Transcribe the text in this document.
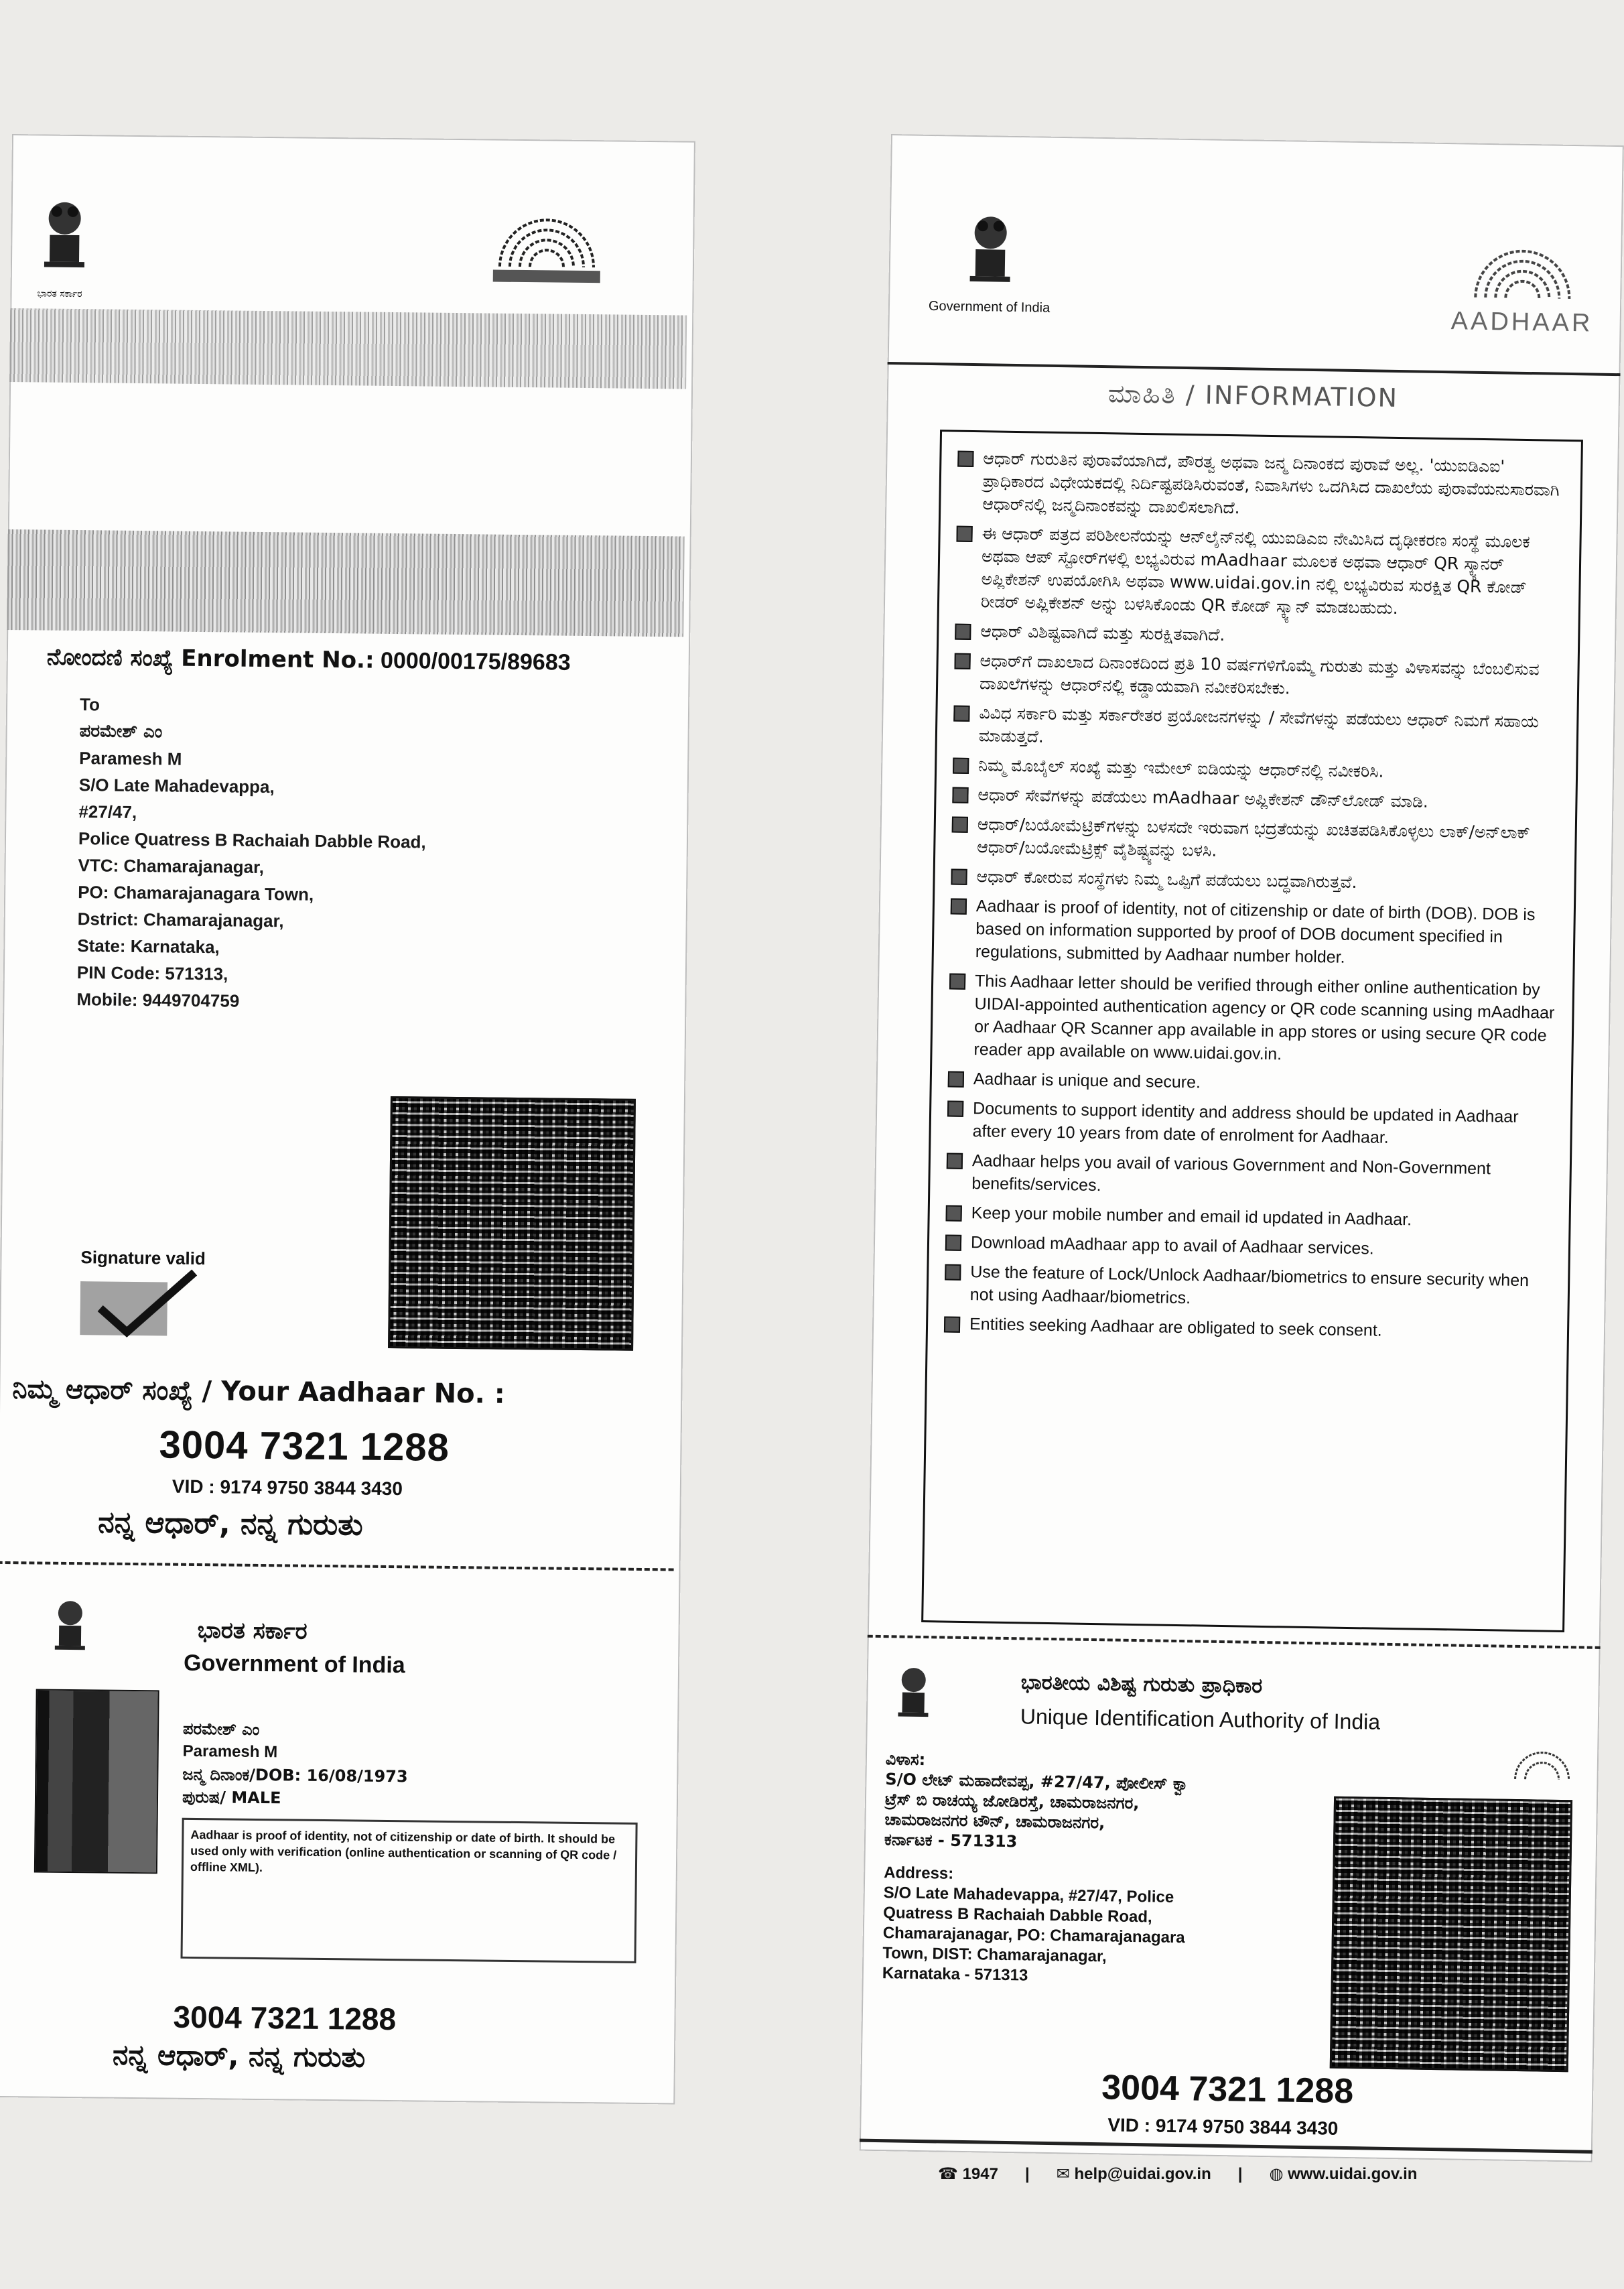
ಭಾರತ ಸರ್ಕಾರ
ನೋಂದಣಿ ಸಂಖ್ಯೆ Enrolment No.: 0000/00175/89683
To
ಪರಮೇಶ್ ಎಂ
Paramesh M
S/O Late Mahadevappa,
#27/47,
Police Quatress B Rachaiah Dabble Road,
VTC: Chamarajanagar,
PO: Chamarajanagara Town,
Dstrict: Chamarajanagar,
State: Karnataka,
PIN Code: 571313,
Mobile: 9449704759
Signature valid
ನಿಮ್ಮ ಆಧಾರ್ ಸಂಖ್ಯೆ / Your Aadhaar No. :
3004 7321 1288
VID : 9174 9750 3844 3430
ನನ್ನ ಆಧಾರ್, ನನ್ನ ಗುರುತು
ಭಾರತ ಸರ್ಕಾರ
Government of India
ಪರಮೇಶ್ ಎಂ
Paramesh M
ಜನ್ಮ ದಿನಾಂಕ/DOB: 16/08/1973
ಪುರುಷ/ MALE
Aadhaar is proof of identity, not of citizenship or date of birth. It should be used only with verification (online authentication or scanning of QR code / offline XML).
3004 7321 1288
ನನ್ನ ಆಧಾರ್, ನನ್ನ ಗುರುತು
Government of India	AADHAAR
ಮಾಹಿತಿ / INFORMATION
ಆಧಾರ್ ಗುರುತಿನ ಪುರಾವೆಯಾಗಿದೆ, ಪೌರತ್ವ ಅಥವಾ ಜನ್ಮ ದಿನಾಂಕದ ಪುರಾವೆ ಅಲ್ಲ. 'ಯುಐಡಿಎಐ' ಪ್ರಾಧಿಕಾರದ ವಿಧೇಯಕದಲ್ಲಿ ನಿರ್ದಿಷ್ಟಪಡಿಸಿರುವಂತೆ, ನಿವಾಸಿಗಳು ಒದಗಿಸಿದ ದಾಖಲೆಯ ಪುರಾವೆಯನುಸಾರವಾಗಿ ಆಧಾರ್‌ನಲ್ಲಿ ಜನ್ಮದಿನಾಂಕವನ್ನು ದಾಖಲಿಸಲಾಗಿದೆ.
ಈ ಆಧಾರ್ ಪತ್ರದ ಪರಿಶೀಲನೆಯನ್ನು ಆನ್‌ಲೈನ್‌ನಲ್ಲಿ ಯುಐಡಿಎಐ ನೇಮಿಸಿದ ದೃಢೀಕರಣ ಸಂಸ್ಥೆ ಮೂಲಕ ಅಥವಾ ಆಪ್ ಸ್ಟೋರ್‌ಗಳಲ್ಲಿ ಲಭ್ಯವಿರುವ mAadhaar ಮೂಲಕ ಅಥವಾ ಆಧಾರ್ QR ಸ್ಕ್ಯಾನರ್ ಅಪ್ಲಿಕೇಶನ್ ಉಪಯೋಗಿಸಿ ಅಥವಾ www.uidai.gov.in ನಲ್ಲಿ ಲಭ್ಯವಿರುವ ಸುರಕ್ಷಿತ QR ಕೋಡ್ ರೀಡರ್ ಅಪ್ಲಿಕೇಶನ್ ಅನ್ನು ಬಳಸಿಕೊಂಡು QR ಕೋಡ್ ಸ್ಕ್ಯಾನ್ ಮಾಡಬಹುದು.
ಆಧಾರ್ ವಿಶಿಷ್ಟವಾಗಿದೆ ಮತ್ತು ಸುರಕ್ಷಿತವಾಗಿದೆ.
ಆಧಾರ್‌ಗೆ ದಾಖಲಾದ ದಿನಾಂಕದಿಂದ ಪ್ರತಿ 10 ವರ್ಷಗಳಿಗೊಮ್ಮೆ ಗುರುತು ಮತ್ತು ವಿಳಾಸವನ್ನು ಬೆಂಬಲಿಸುವ ದಾಖಲೆಗಳನ್ನು ಆಧಾರ್‌ನಲ್ಲಿ ಕಡ್ಡಾಯವಾಗಿ ನವೀಕರಿಸಬೇಕು.
ವಿವಿಧ ಸರ್ಕಾರಿ ಮತ್ತು ಸರ್ಕಾರೇತರ ಪ್ರಯೋಜನಗಳನ್ನು / ಸೇವೆಗಳನ್ನು ಪಡೆಯಲು ಆಧಾರ್ ನಿಮಗೆ ಸಹಾಯ ಮಾಡುತ್ತದೆ.
ನಿಮ್ಮ ಮೊಬೈಲ್ ಸಂಖ್ಯೆ ಮತ್ತು ಇಮೇಲ್ ಐಡಿಯನ್ನು ಆಧಾರ್‌ನಲ್ಲಿ ನವೀಕರಿಸಿ.
ಆಧಾರ್ ಸೇವೆಗಳನ್ನು ಪಡೆಯಲು mAadhaar ಅಪ್ಲಿಕೇಶನ್ ಡೌನ್‌ಲೋಡ್ ಮಾಡಿ.
ಆಧಾರ್/ಬಯೋಮೆಟ್ರಿಕ್‌ಗಳನ್ನು ಬಳಸದೇ ಇರುವಾಗ ಭದ್ರತೆಯನ್ನು ಖಚಿತಪಡಿಸಿಕೊಳ್ಳಲು ಲಾಕ್/ಅನ್‌ಲಾಕ್ ಆಧಾರ್/ಬಯೋಮೆಟ್ರಿಕ್ಸ್ ವೈಶಿಷ್ಟ್ಯವನ್ನು ಬಳಸಿ.
ಆಧಾರ್ ಕೋರುವ ಸಂಸ್ಥೆಗಳು ನಿಮ್ಮ ಒಪ್ಪಿಗೆ ಪಡೆಯಲು ಬದ್ಧವಾಗಿರುತ್ತವೆ.
Aadhaar is proof of identity, not of citizenship or date of birth (DOB). DOB is based on information supported by proof of DOB document specified in regulations, submitted by Aadhaar number holder.
This Aadhaar letter should be verified through either online authentication by UIDAI-appointed authentication agency or QR code scanning using mAadhaar or Aadhaar QR Scanner app available in app stores or using secure QR code reader app available on www.uidai.gov.in.
Aadhaar is unique and secure.
Documents to support identity and address should be updated in Aadhaar after every 10 years from date of enrolment for Aadhaar.
Aadhaar helps you avail of various Government and Non-Government benefits/services.
Keep your mobile number and email id updated in Aadhaar.
Download mAadhaar app to avail of Aadhaar services.
Use the feature of Lock/Unlock Aadhaar/biometrics to ensure security when not using Aadhaar/biometrics.
Entities seeking Aadhaar are obligated to seek consent.
ಭಾರತೀಯ ವಿಶಿಷ್ಟ ಗುರುತು ಪ್ರಾಧಿಕಾರ
Unique Identification Authority of India
ವಿಳಾಸ:
S/O ಲೇಟ್ ಮಹಾದೇವಪ್ಪ, #27/47, ಪೋಲೀಸ್ ಕ್ವಾ
ಟ್ರೆಸ್ ಬಿ ರಾಚಯ್ಯ ಜೋಡಿರಸ್ತೆ, ಚಾಮರಾಜನಗರ,
ಚಾಮರಾಜನಗರ ಟೌನ್, ಚಾಮರಾಜನಗರ,
ಕರ್ನಾಟಕ - 571313
Address:
S/O Late Mahadevappa, #27/47, Police
Quatress B Rachaiah Dabble Road,
Chamarajanagar, PO: Chamarajanagara
Town, DIST: Chamarajanagar,
Karnataka - 571313
3004 7321 1288
VID : 9174 9750 3844 3430
☎ 1947 | ✉ help@uidai.gov.in | ◍ www.uidai.gov.in
